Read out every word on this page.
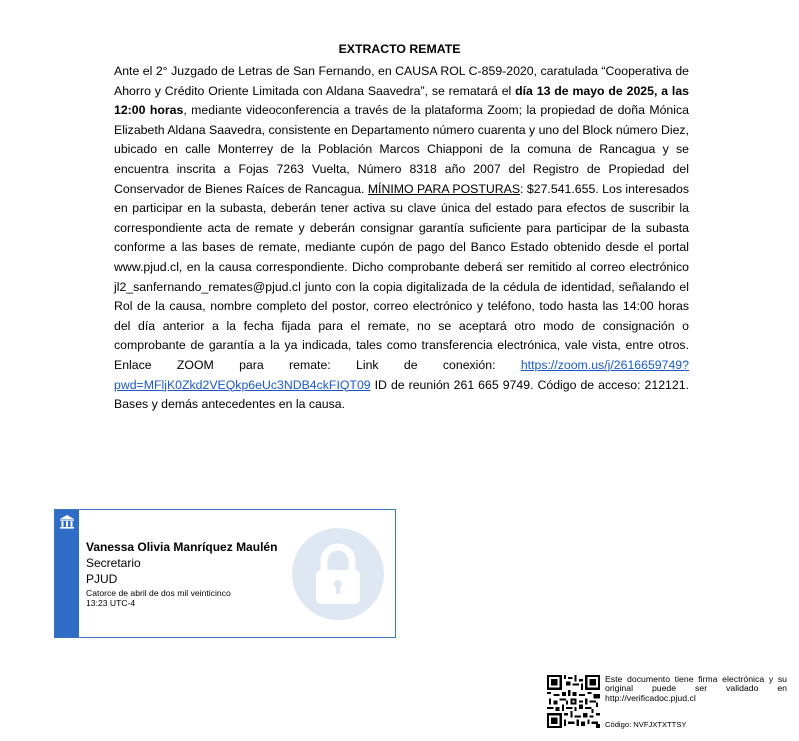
EXTRACTO REMATE
Ante el 2° Juzgado de Letras de San Fernando, en CAUSA ROL C-859-2020, caratulada “Cooperativa de Ahorro y Crédito Oriente Limitada con Aldana Saavedra”, se rematará el día 13 de mayo de 2025, a las 12:00 horas, mediante videoconferencia a través de la plataforma Zoom; la propiedad de doña Mónica Elizabeth Aldana Saavedra, consistente en Departamento número cuarenta y uno del Block número Diez, ubicado en calle Monterrey de la Población Marcos Chiapponi de la comuna de Rancagua y se encuentra inscrita a Fojas 7263 Vuelta, Número 8318 año 2007 del Registro de Propiedad del Conservador de Bienes Raíces de Rancagua. MÍNIMO PARA POSTURAS: $27.541.655. Los interesados en participar en la subasta, deberán tener activa su clave única del estado para efectos de suscribir la correspondiente acta de remate y deberán consignar garantía suficiente para participar de la subasta conforme a las bases de remate, mediante cupón de pago del Banco Estado obtenido desde el portal www.pjud.cl, en la causa correspondiente. Dicho comprobante deberá ser remitido al correo electrónico jl2_sanfernando_remates@pjud.cl junto con la copia digitalizada de la cédula de identidad, señalando el Rol de la causa, nombre completo del postor, correo electrónico y teléfono, todo hasta las 14:00 horas del día anterior a la fecha fijada para el remate, no se aceptará otro modo de consignación o comprobante de garantía a la ya indicada, tales como transferencia electrónica, vale vista, entre otros. Enlace ZOOM para remate: Link de conexión: https://zoom.us/j/2616659749?pwd=MFljK0Zkd2VEQkp6eUc3NDB4ckFIQT09 ID de reunión 261 665 9749. Código de acceso: 212121. Bases y demás antecedentes en la causa.
Vanessa Olivia Manríquez Maulén
Secretario
PJUD
Catorce de abril de dos mil veinticinco
13:23 UTC-4
Este documento tiene firma electrónica y su original puede ser validado en http://verificadoc.pjud.cl
Código: NVFJXTXTTSY
